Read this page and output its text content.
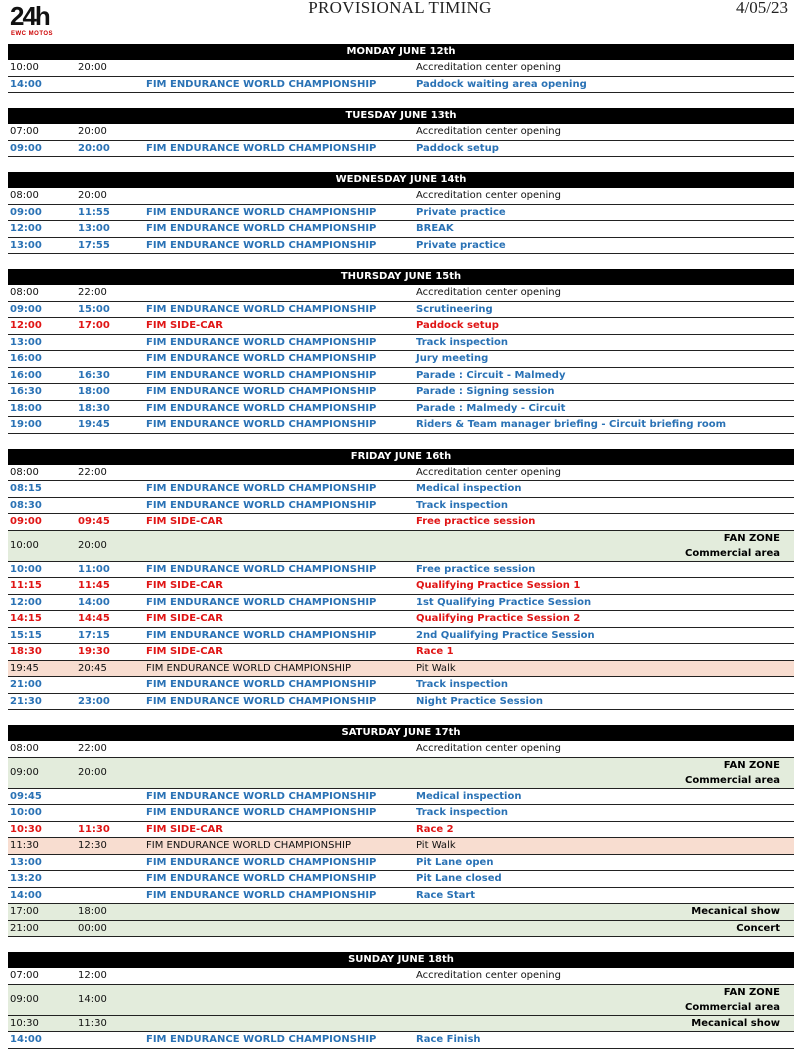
24h
EWC MOTOS
PROVISIONAL TIMING	4/05/23
MONDAY JUNE 12th
10:00	20:00	Accreditation center opening
14:00	FIM ENDURANCE WORLD CHAMPIONSHIP	Paddock waiting area opening
TUESDAY JUNE 13th
07:00	20:00	Accreditation center opening
09:00	20:00	FIM ENDURANCE WORLD CHAMPIONSHIP	Paddock setup
WEDNESDAY JUNE 14th
08:00	20:00	Accreditation center opening
09:00	11:55	FIM ENDURANCE WORLD CHAMPIONSHIP	Private practice
12:00	13:00	FIM ENDURANCE WORLD CHAMPIONSHIP	BREAK
13:00	17:55	FIM ENDURANCE WORLD CHAMPIONSHIP	Private practice
THURSDAY JUNE 15th
08:00	22:00	Accreditation center opening
09:00	15:00	FIM ENDURANCE WORLD CHAMPIONSHIP	Scrutineering
12:00	17:00	FIM SIDE-CAR	Paddock setup
13:00	FIM ENDURANCE WORLD CHAMPIONSHIP	Track inspection
16:00	FIM ENDURANCE WORLD CHAMPIONSHIP	Jury meeting
16:00	16:30	FIM ENDURANCE WORLD CHAMPIONSHIP	Parade : Circuit - Malmedy
16:30	18:00	FIM ENDURANCE WORLD CHAMPIONSHIP	Parade : Signing session
18:00	18:30	FIM ENDURANCE WORLD CHAMPIONSHIP	Parade : Malmedy - Circuit
19:00	19:45	FIM ENDURANCE WORLD CHAMPIONSHIP	Riders & Team manager briefing - Circuit briefing room
FRIDAY JUNE 16th
08:00	22:00	Accreditation center opening
08:15	FIM ENDURANCE WORLD CHAMPIONSHIP	Medical inspection
08:30	FIM ENDURANCE WORLD CHAMPIONSHIP	Track inspection
09:00	09:45	FIM SIDE-CAR	Free practice session
10:00	20:00
FAN ZONE
Commercial area
10:00	11:00	FIM ENDURANCE WORLD CHAMPIONSHIP	Free practice session
11:15	11:45	FIM SIDE-CAR	Qualifying Practice Session 1
12:00	14:00	FIM ENDURANCE WORLD CHAMPIONSHIP	1st Qualifying Practice Session
14:15	14:45	FIM SIDE-CAR	Qualifying Practice Session 2
15:15	17:15	FIM ENDURANCE WORLD CHAMPIONSHIP	2nd Qualifying Practice Session
18:30	19:30	FIM SIDE-CAR	Race 1
19:45	20:45	FIM ENDURANCE WORLD CHAMPIONSHIP	Pit Walk
21:00	FIM ENDURANCE WORLD CHAMPIONSHIP	Track inspection
21:30	23:00	FIM ENDURANCE WORLD CHAMPIONSHIP	Night Practice Session
SATURDAY JUNE 17th
08:00	22:00	Accreditation center opening
09:00	20:00
FAN ZONE
Commercial area
09:45	FIM ENDURANCE WORLD CHAMPIONSHIP	Medical inspection
10:00	FIM ENDURANCE WORLD CHAMPIONSHIP	Track inspection
10:30	11:30	FIM SIDE-CAR	Race 2
11:30	12:30	FIM ENDURANCE WORLD CHAMPIONSHIP	Pit Walk
13:00	FIM ENDURANCE WORLD CHAMPIONSHIP	Pit Lane open
13:20	FIM ENDURANCE WORLD CHAMPIONSHIP	Pit Lane closed
14:00	FIM ENDURANCE WORLD CHAMPIONSHIP	Race Start
17:00	18:00	Mecanical show
21:00	00:00	Concert
SUNDAY JUNE 18th
07:00	12:00	Accreditation center opening
09:00	14:00
FAN ZONE
Commercial area
10:30	11:30	Mecanical show
14:00	FIM ENDURANCE WORLD CHAMPIONSHIP	Race Finish
